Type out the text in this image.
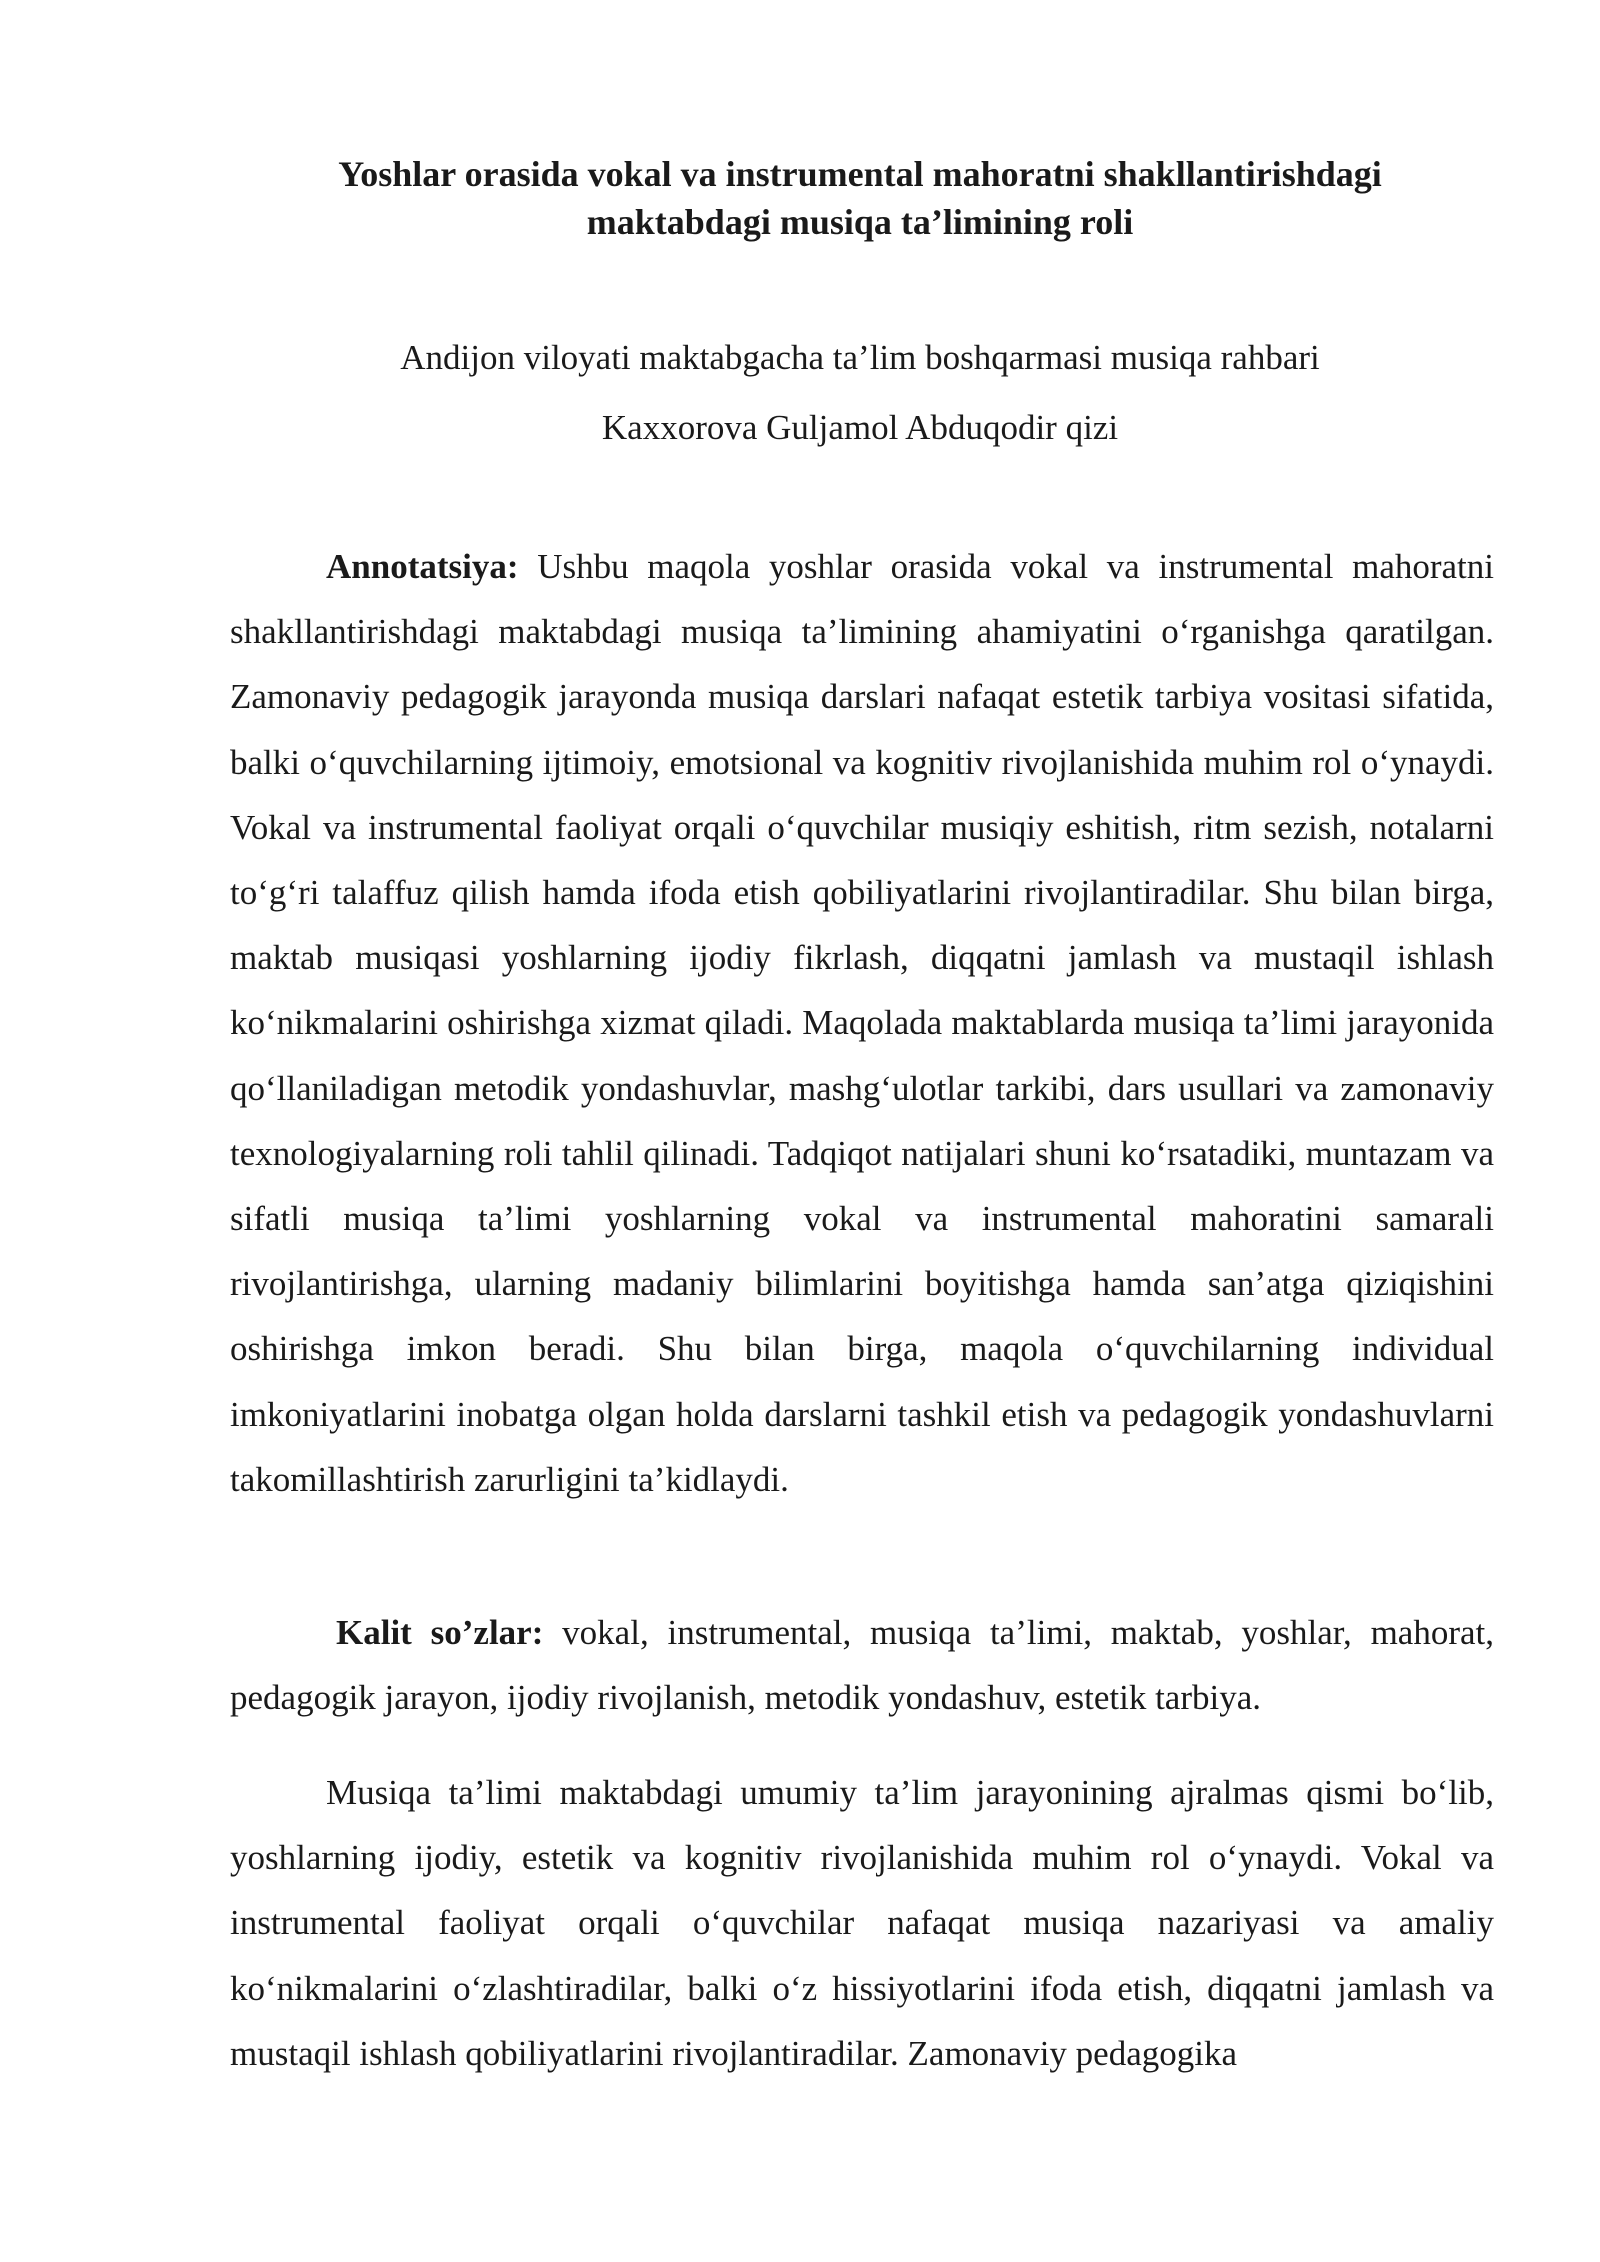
Yoshlar orasida vokal va instrumental mahoratni shakllantirishdagi
maktabdagi musiqa ta’limining roli

Andijon viloyati maktabgacha ta’lim boshqarmasi musiqa rahbari

Kaxxorova Guljamol Abduqodir qizi

Annotatsiya: Ushbu maqola yoshlar orasida vokal va instrumental mahoratni shakllantirishdagi maktabdagi musiqa ta’limining ahamiyatini o‘rganishga qaratilgan. Zamonaviy pedagogik jarayonda musiqa darslari nafaqat estetik tarbiya vositasi sifatida, balki o‘quvchilarning ijtimoiy, emotsional va kognitiv rivojlanishida muhim rol o‘ynaydi. Vokal va instrumental faoliyat orqali o‘quvchilar musiqiy eshitish, ritm sezish, notalarni to‘g‘ri talaffuz qilish hamda ifoda etish qobiliyatlarini rivojlantiradilar. Shu bilan birga, maktab musiqasi yoshlarning ijodiy fikrlash, diqqatni jamlash va mustaqil ishlash ko‘nikmalarini oshirishga xizmat qiladi. Maqolada maktablarda musiqa ta’limi jarayonida qo‘llaniladigan metodik yondashuvlar, mashg‘ulotlar tarkibi, dars usullari va zamonaviy texnologiyalarning roli tahlil qilinadi. Tadqiqot natijalari shuni ko‘rsatadiki, muntazam va sifatli musiqa ta’limi yoshlarning vokal va instrumental mahoratini samarali rivojlantirishga, ularning madaniy bilimlarini boyitishga hamda san’atga qiziqishini oshirishga imkon beradi. Shu bilan birga, maqola o‘quvchilarning individual imkoniyatlarini inobatga olgan holda darslarni tashkil etish va pedagogik yondashuvlarni takomillashtirish zarurligini ta’kidlaydi.

Kalit so’zlar: vokal, instrumental, musiqa ta’limi, maktab, yoshlar, mahorat, pedagogik jarayon, ijodiy rivojlanish, metodik yondashuv, estetik tarbiya.

Musiqa ta’limi maktabdagi umumiy ta’lim jarayonining ajralmas qismi bo‘lib, yoshlarning ijodiy, estetik va kognitiv rivojlanishida muhim rol o‘ynaydi. Vokal va instrumental faoliyat orqali o‘quvchilar nafaqat musiqa nazariyasi va amaliy ko‘nikmalarini o‘zlashtiradilar, balki o‘z hissiyotlarini ifoda etish, diqqatni jamlash va mustaqil ishlash qobiliyatlarini rivojlantiradilar. Zamonaviy pedagogika
